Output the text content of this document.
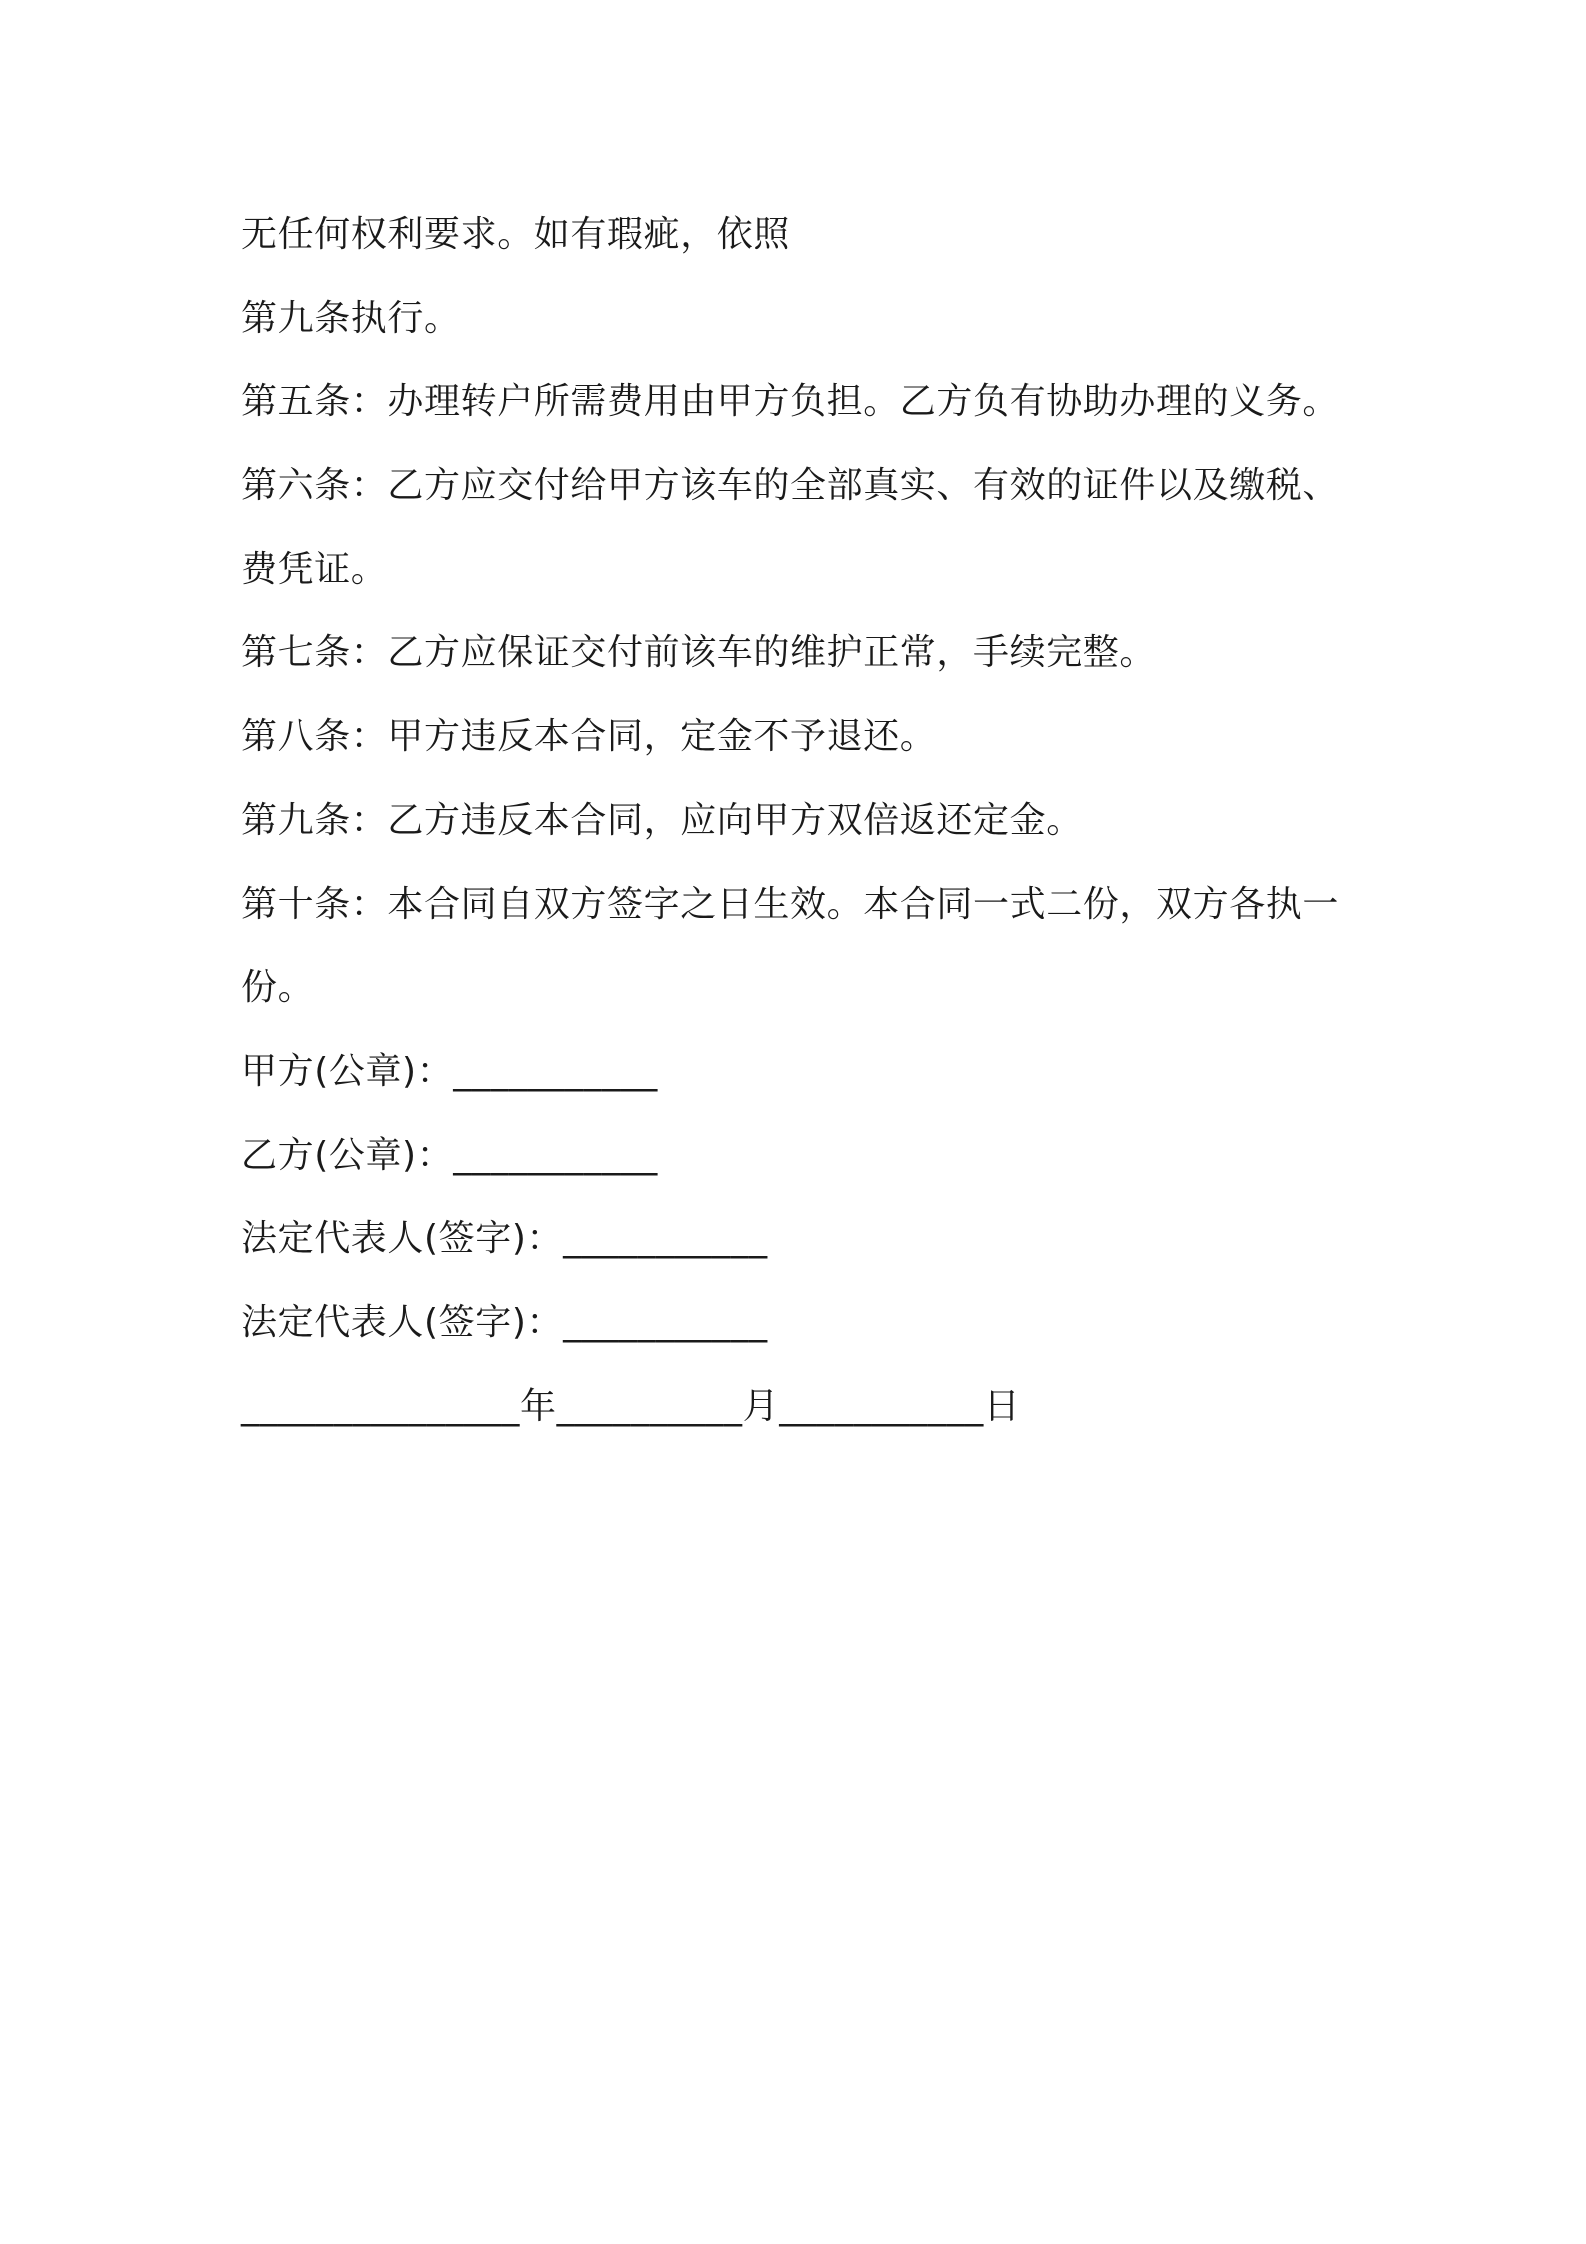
无任何权利要求。如有瑕疵，依照
第九条执行。
第五条：办理转户所需费用由甲方负担。乙方负有协助办理的义务。
第六条：乙方应交付给甲方该车的全部真实、有效的证件以及缴税、
费凭证。
第七条：乙方应保证交付前该车的维护正常，手续完整。
第八条：甲方违反本合同，定金不予退还。
第九条：乙方违反本合同，应向甲方双倍返还定金。
第十条：本合同自双方签字之日生效。本合同一式二份，双方各执一
份。
甲方(公章)：___________
乙方(公章)：___________
法定代表人(签字)：___________
法定代表人(签字)：___________
_______________年__________月___________日
